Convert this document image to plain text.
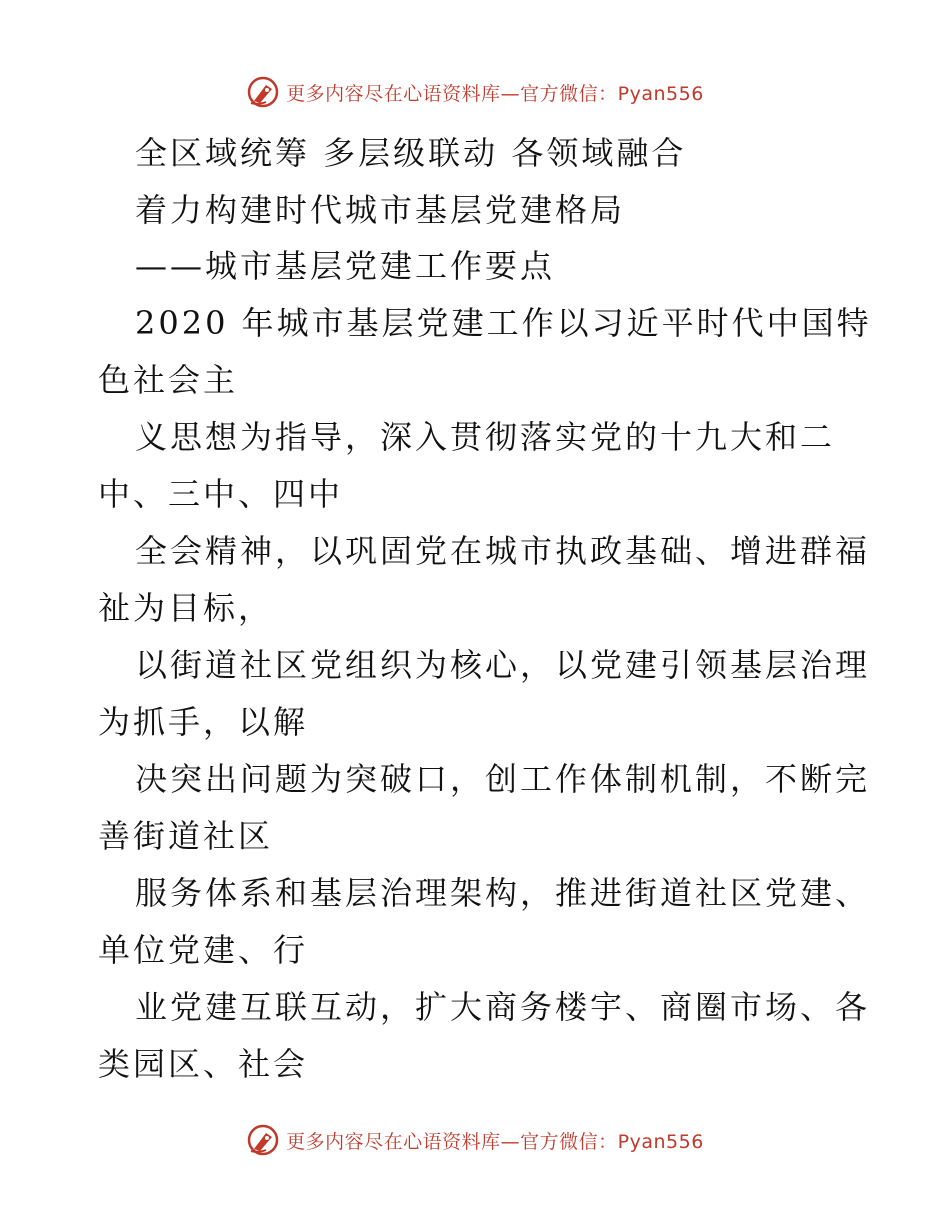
更多内容尽在心语资料库—官方微信：Pyan556
全区域统筹 多层级联动 各领域融合
着力构建时代城市基层党建格局
——城市基层党建工作要点
2020 年城市基层党建工作以习近平时代中国特
色社会主
义思想为指导，深入贯彻落实党的十九大和二
中、三中、四中
全会精神，以巩固党在城市执政基础、增进群福
祉为目标，
以街道社区党组织为核心，以党建引领基层治理
为抓手，以解
决突出问题为突破口，创工作体制机制，不断完
善街道社区
服务体系和基层治理架构，推进街道社区党建、
单位党建、行
业党建互联互动，扩大商务楼宇、商圈市场、各
类园区、社会
更多内容尽在心语资料库—官方微信：Pyan556
